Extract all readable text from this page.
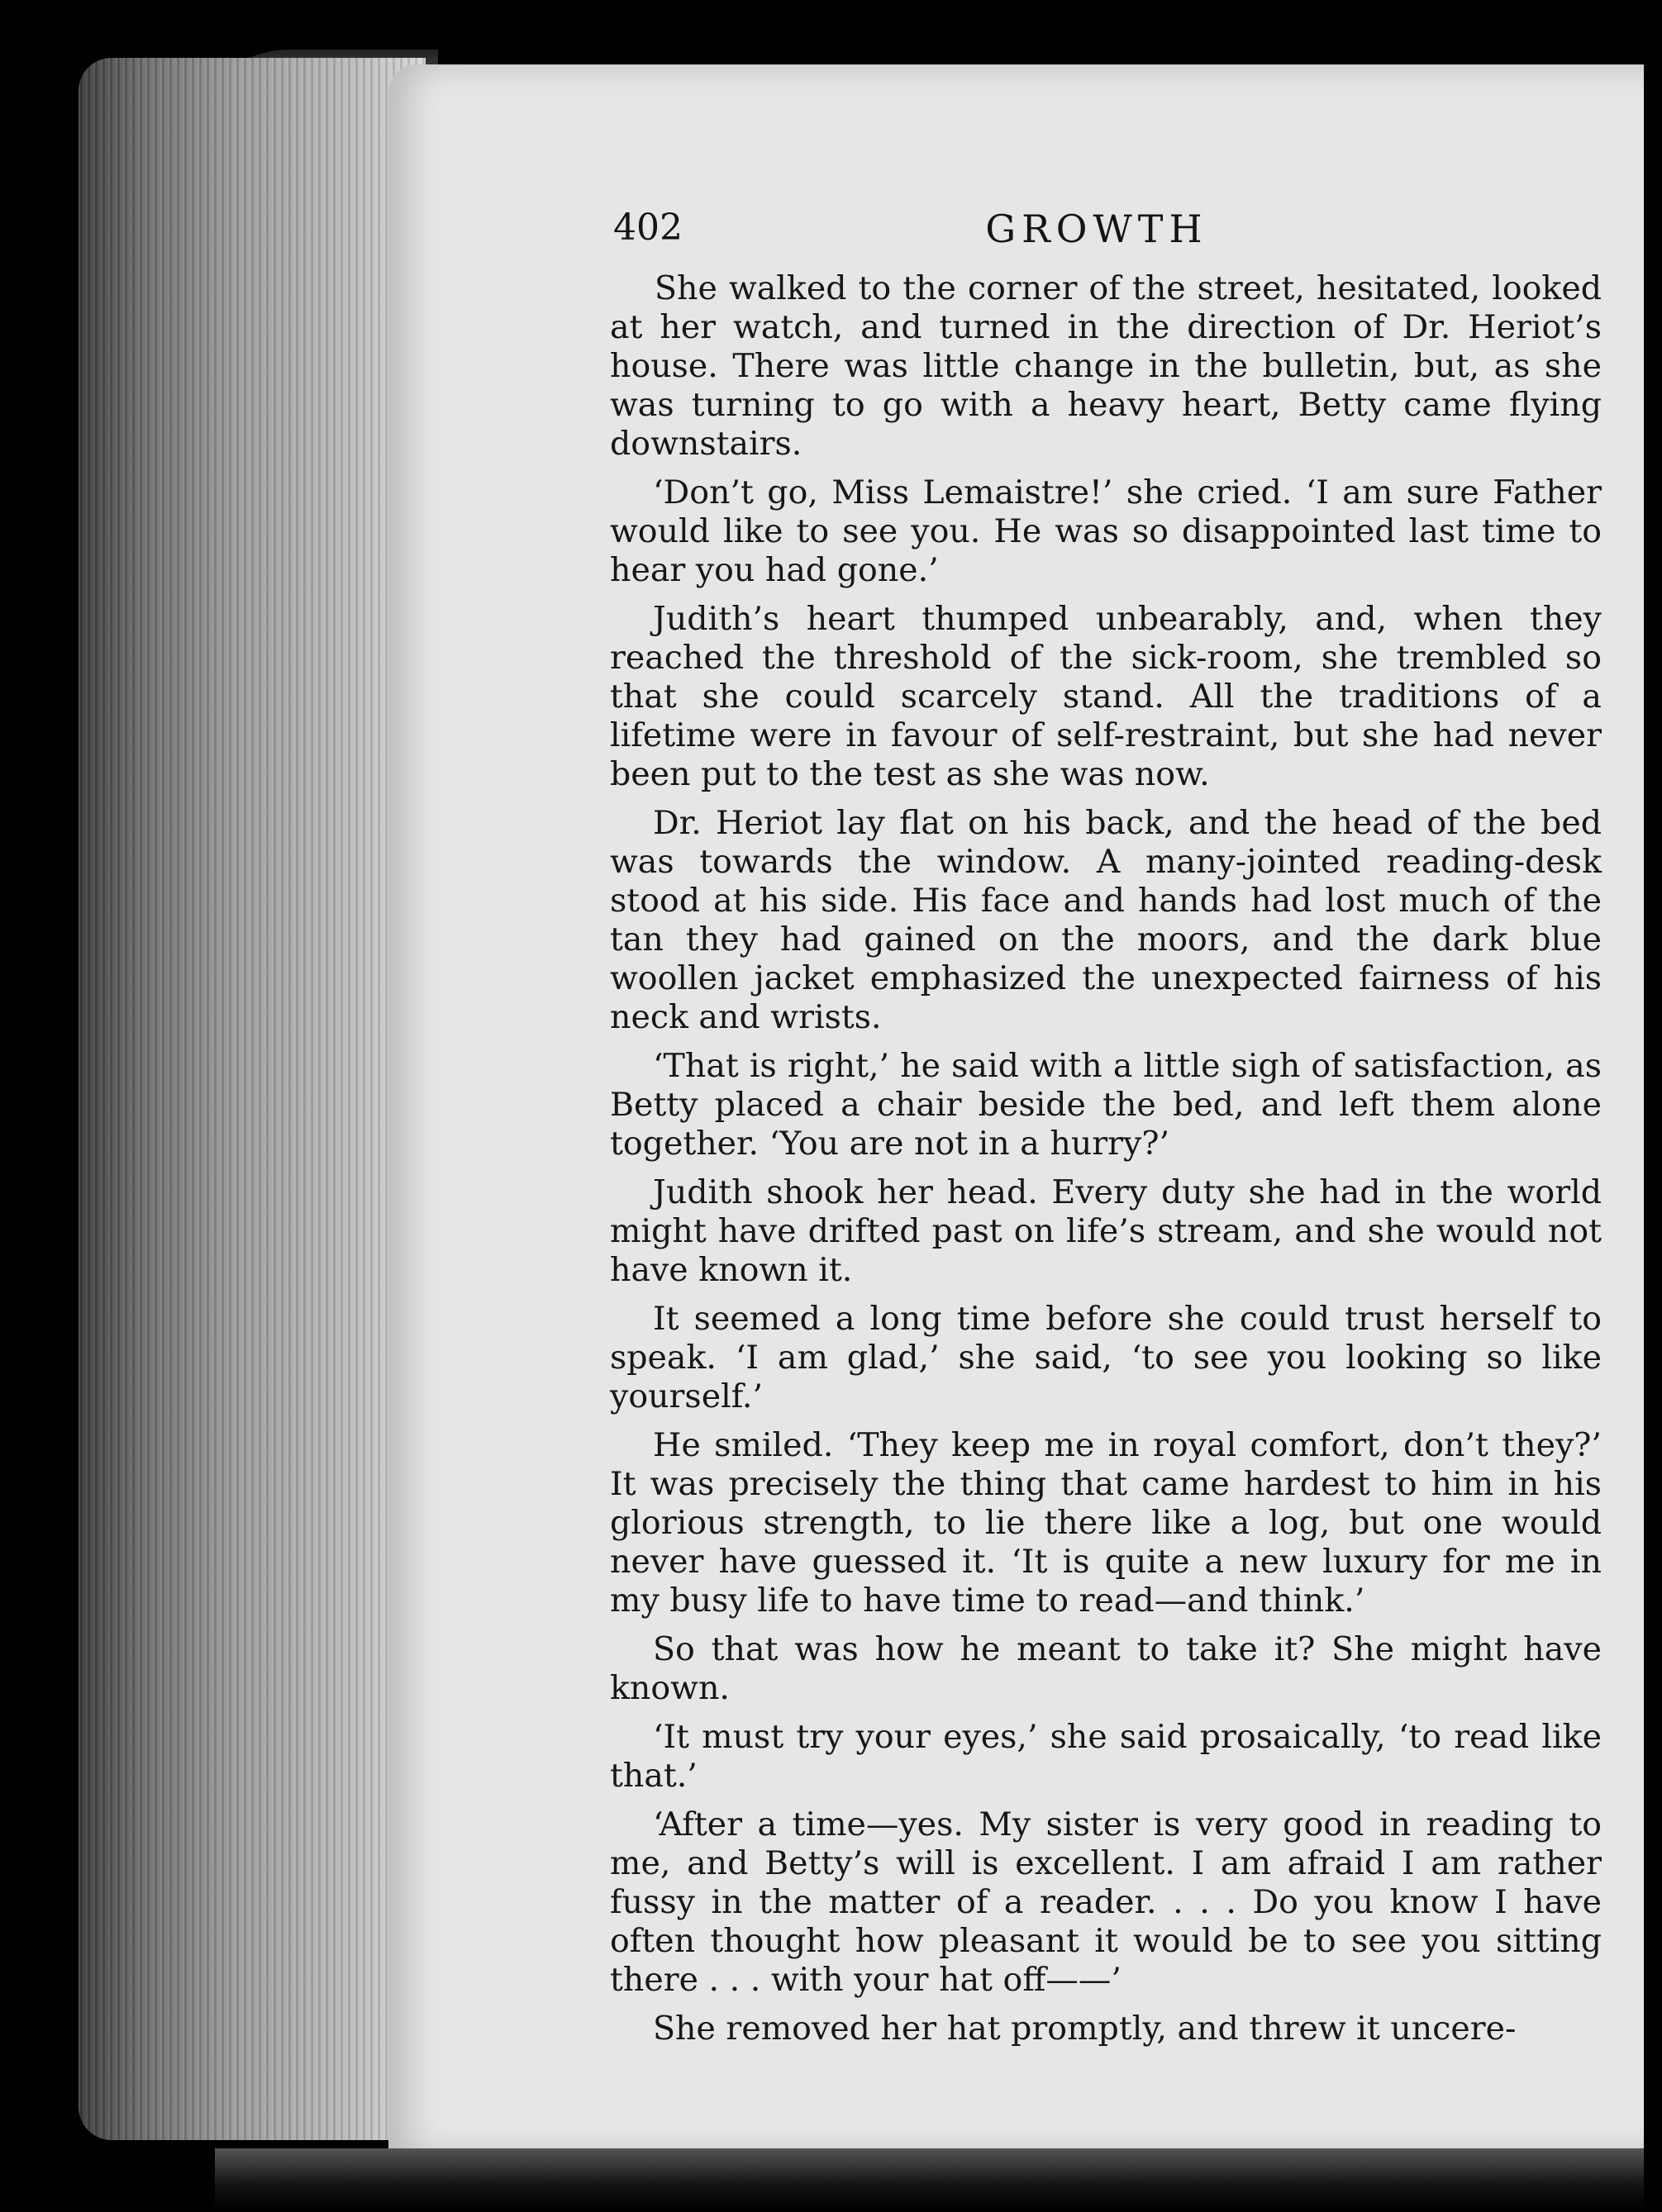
402	GROWTH

She walked to the corner of the street, hesitated, looked at her watch, and turned in the direction of Dr. Heriot’s house. There was little change in the bulletin, but, as she was turning to go with a heavy heart, Betty came flying downstairs.

‘Don’t go, Miss Lemaistre!’ she cried. ‘I am sure Father would like to see you. He was so disappointed last time to hear you had gone.’

Judith’s heart thumped unbearably, and, when they reached the threshold of the sick-room, she trembled so that she could scarcely stand. All the traditions of a lifetime were in favour of self-restraint, but she had never been put to the test as she was now.

Dr. Heriot lay flat on his back, and the head of the bed was towards the window. A many-jointed reading-desk stood at his side. His face and hands had lost much of the tan they had gained on the moors, and the dark blue woollen jacket emphasized the unexpected fairness of his neck and wrists.

‘That is right,’ he said with a little sigh of satisfaction, as Betty placed a chair beside the bed, and left them alone together. ‘You are not in a hurry?’

Judith shook her head. Every duty she had in the world might have drifted past on life’s stream, and she would not have known it.

It seemed a long time before she could trust herself to speak. ‘I am glad,’ she said, ‘to see you looking so like yourself.’

He smiled. ‘They keep me in royal comfort, don’t they?’ It was precisely the thing that came hardest to him in his glorious strength, to lie there like a log, but one would never have guessed it. ‘It is quite a new luxury for me in my busy life to have time to read—and think.’

So that was how he meant to take it? She might have known.

‘It must try your eyes,’ she said prosaically, ‘to read like that.’

‘After a time—yes. My sister is very good in reading to me, and Betty’s will is excellent. I am afraid I am rather fussy in the matter of a reader. . . . Do you know I have often thought how pleasant it would be to see you sitting there . . . with your hat off——’

She removed her hat promptly, and threw it uncere-
